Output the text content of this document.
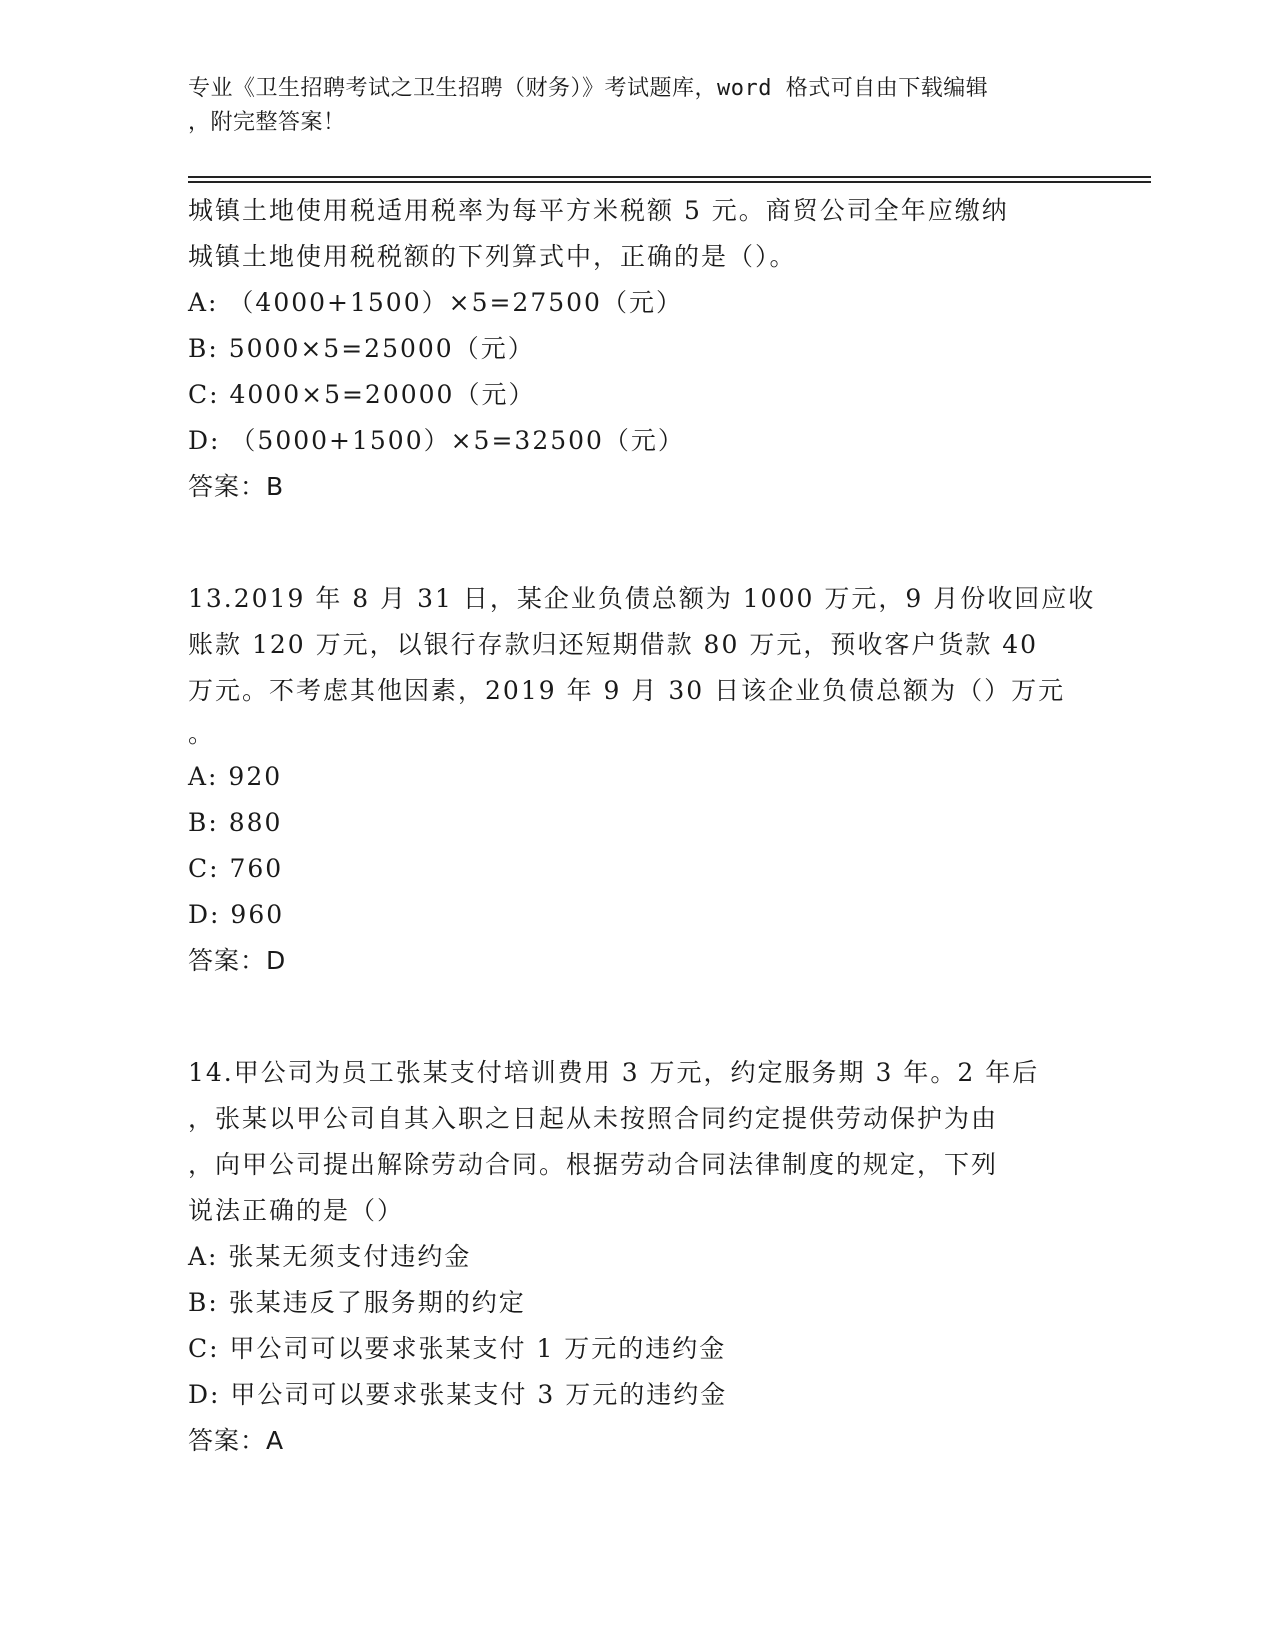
专业《卫生招聘考试之卫生招聘（财务）》考试题库，word 格式可自由下载编辑
，附完整答案！
城镇土地使用税适用税率为每平方米税额 5 元。商贸公司全年应缴纳
城镇土地使用税税额的下列算式中，正确的是（）。
A: （4000+1500）×5=27500（元）
B: 5000×5=25000（元）
C: 4000×5=20000（元）
D: （5000+1500）×5=32500（元）
答案：B
13.2019 年 8 月 31 日，某企业负债总额为 1000 万元，9 月份收回应收
账款 120 万元，以银行存款归还短期借款 80 万元，预收客户货款 40
万元。不考虑其他因素，2019 年 9 月 30 日该企业负债总额为（）万元
。
A: 920
B: 880
C: 760
D: 960
答案：D
14.甲公司为员工张某支付培训费用 3 万元，约定服务期 3 年。2 年后
，张某以甲公司自其入职之日起从未按照合同约定提供劳动保护为由
，向甲公司提出解除劳动合同。根据劳动合同法律制度的规定，下列
说法正确的是（）
A: 张某无须支付违约金
B: 张某违反了服务期的约定
C: 甲公司可以要求张某支付 1 万元的违约金
D: 甲公司可以要求张某支付 3 万元的违约金
答案：A
